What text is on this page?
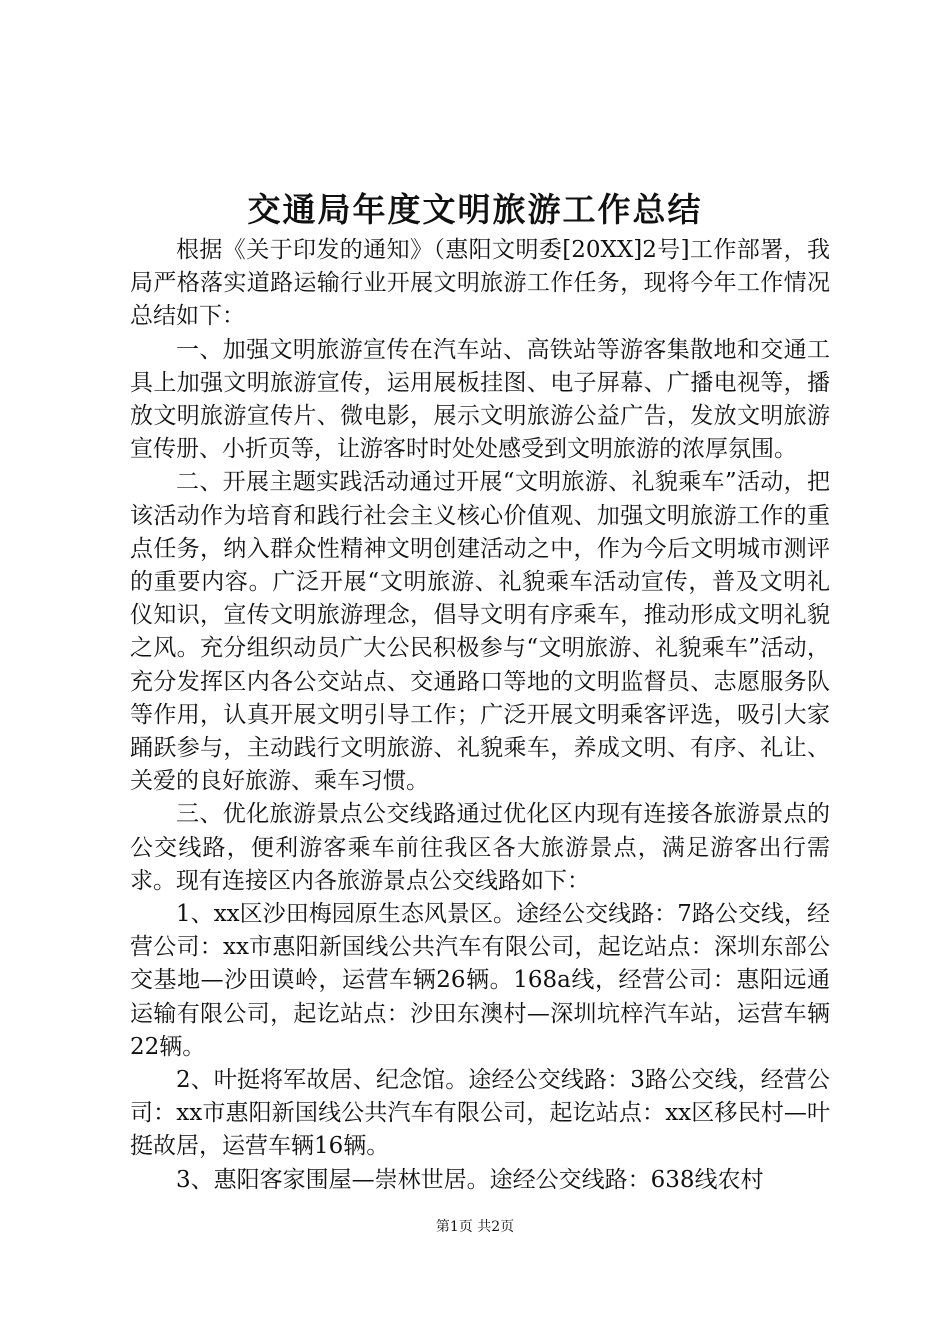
交通局年度文明旅游工作总结

根据《关于印发的通知》（惠阳文明委[20XX]2号]工作部署，我局严格落实道路运输行业开展文明旅游工作任务，现将今年工作情况总结如下：

一、加强文明旅游宣传在汽车站、高铁站等游客集散地和交通工具上加强文明旅游宣传，运用展板挂图、电子屏幕、广播电视等，播放文明旅游宣传片、微电影，展示文明旅游公益广告，发放文明旅游宣传册、小折页等，让游客时时处处感受到文明旅游的浓厚氛围。

二、开展主题实践活动通过开展“文明旅游、礼貌乘车”活动，把该活动作为培育和践行社会主义核心价值观、加强文明旅游工作的重点任务，纳入群众性精神文明创建活动之中，作为今后文明城市测评的重要内容。广泛开展“文明旅游、礼貌乘车活动宣传，普及文明礼仪知识，宣传文明旅游理念，倡导文明有序乘车，推动形成文明礼貌之风。充分组织动员广大公民积极参与“文明旅游、礼貌乘车”活动，充分发挥区内各公交站点、交通路口等地的文明监督员、志愿服务队等作用，认真开展文明引导工作；广泛开展文明乘客评选，吸引大家踊跃参与，主动践行文明旅游、礼貌乘车，养成文明、有序、礼让、关爱的良好旅游、乘车习惯。

三、优化旅游景点公交线路通过优化区内现有连接各旅游景点的公交线路，便利游客乘车前往我区各大旅游景点，满足游客出行需求。现有连接区内各旅游景点公交线路如下：

1、xx区沙田梅园原生态风景区。途经公交线路：7路公交线，经营公司：xx市惠阳新国线公共汽车有限公司，起讫站点：深圳东部公交基地—沙田谟岭，运营车辆26辆。168a线，经营公司：惠阳远通运输有限公司，起讫站点：沙田东澳村—深圳坑梓汽车站，运营车辆22辆。

2、叶挺将军故居、纪念馆。途经公交线路：3路公交线，经营公司：xx市惠阳新国线公共汽车有限公司，起讫站点：xx区移民村—叶挺故居，运营车辆16辆。

3、惠阳客家围屋—崇林世居。途经公交线路：638线农村

第1页 共2页
